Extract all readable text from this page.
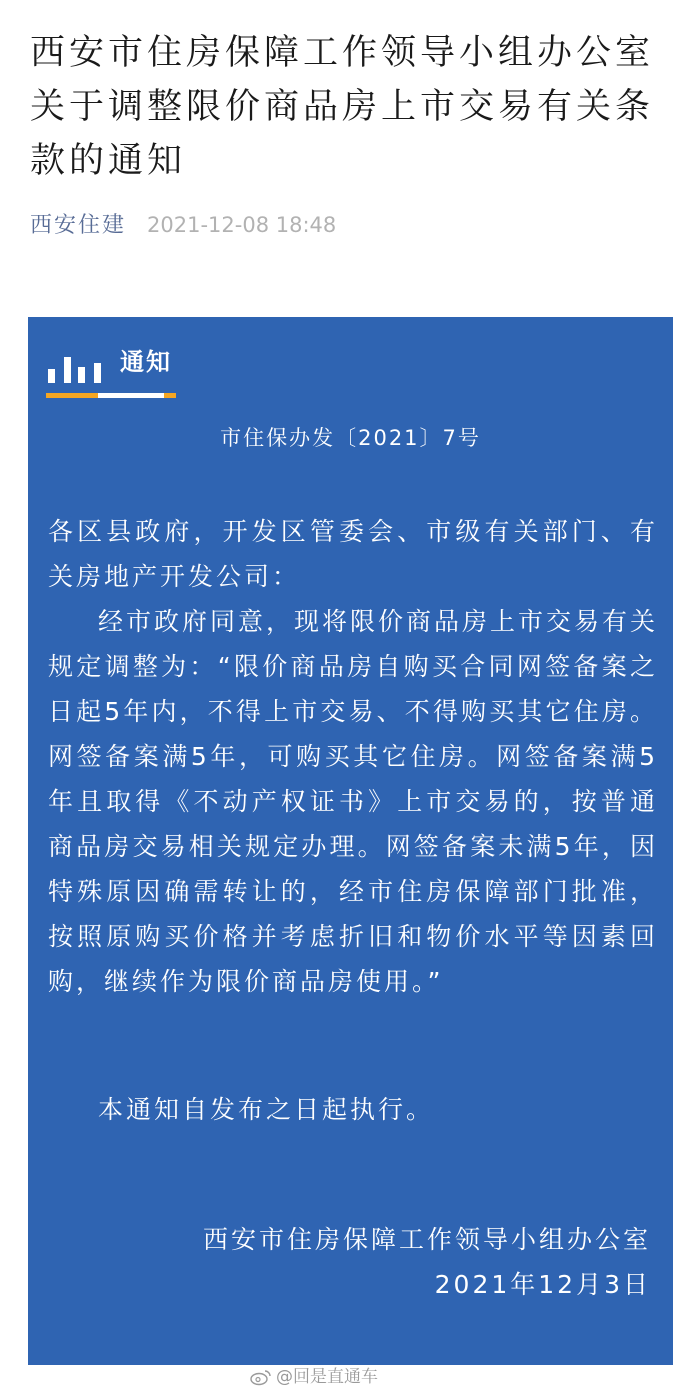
西安市住房保障工作领导小组办公室关于调整限价商品房上市交易有关条款的通知
西安住建 2021-12-08 18:48
通知
市住保办发〔2021〕7号

各区县政府，开发区管委会、市级有关部门、有关房地产开发公司：

经市政府同意，现将限价商品房上市交易有关规定调整为：“限价商品房自购买合同网签备案之日起5年内，不得上市交易、不得购买其它住房。网签备案满5年，可购买其它住房。网签备案满5年且取得《不动产权证书》上市交易的，按普通商品房交易相关规定办理。网签备案未满5年，因特殊原因确需转让的，经市住房保障部门批准，按照原购买价格并考虑折旧和物价水平等因素回购，继续作为限价商品房使用。”

本通知自发布之日起执行。
西安市住房保障工作领导小组办公室
2021年12月3日
@回是直通车
